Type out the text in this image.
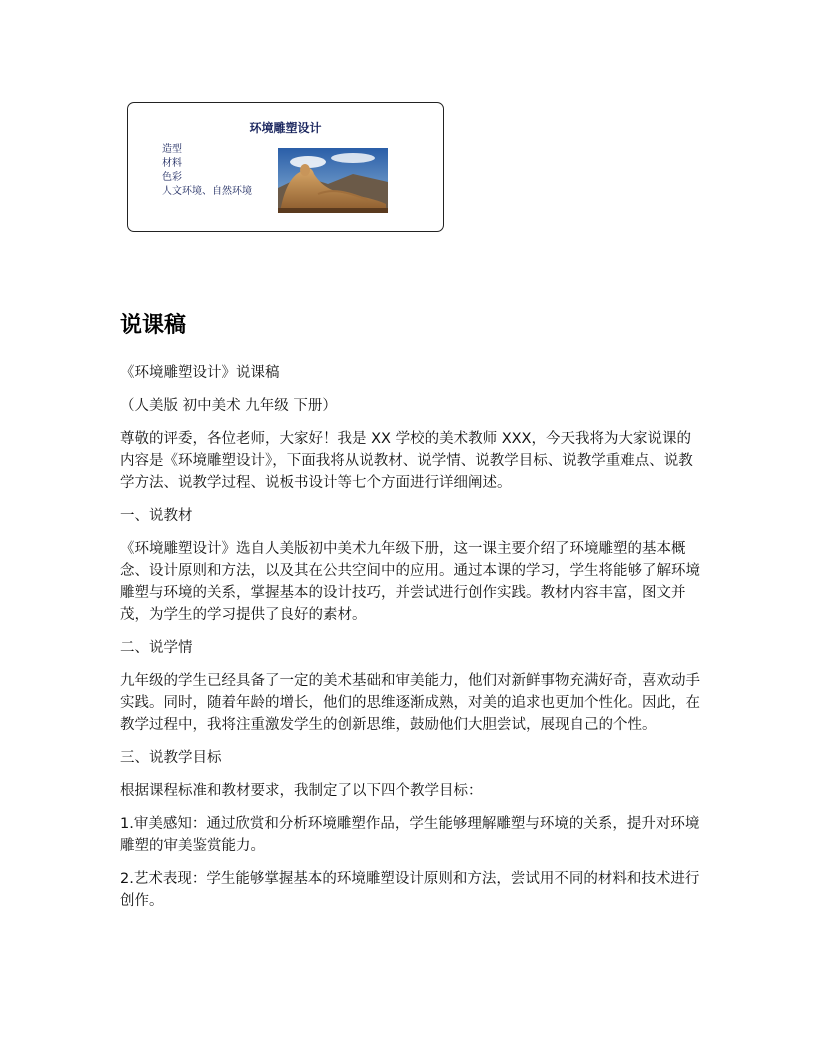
环境雕塑设计
造型
材料
色彩
人文环境、自然环境
说课稿

《环境雕塑设计》说课稿

（人美版 初中美术 九年级 下册）

尊敬的评委，各位老师，大家好！我是 XX 学校的美术教师 XXX，今天我将为大家说课的内容是《环境雕塑设计》，下面我将从说教材、说学情、说教学目标、说教学重难点、说教学方法、说教学过程、说板书设计等七个方面进行详细阐述。

一、说教材

《环境雕塑设计》选自人美版初中美术九年级下册，这一课主要介绍了环境雕塑的基本概念、设计原则和方法，以及其在公共空间中的应用。通过本课的学习，学生将能够了解环境雕塑与环境的关系，掌握基本的设计技巧，并尝试进行创作实践。教材内容丰富，图文并茂，为学生的学习提供了良好的素材。

二、说学情

九年级的学生已经具备了一定的美术基础和审美能力，他们对新鲜事物充满好奇，喜欢动手实践。同时，随着年龄的增长，他们的思维逐渐成熟，对美的追求也更加个性化。因此，在教学过程中，我将注重激发学生的创新思维，鼓励他们大胆尝试，展现自己的个性。

三、说教学目标

根据课程标准和教材要求，我制定了以下四个教学目标：

1.审美感知：通过欣赏和分析环境雕塑作品，学生能够理解雕塑与环境的关系，提升对环境雕塑的审美鉴赏能力。

2.艺术表现：学生能够掌握基本的环境雕塑设计原则和方法，尝试用不同的材料和技术进行创作。
